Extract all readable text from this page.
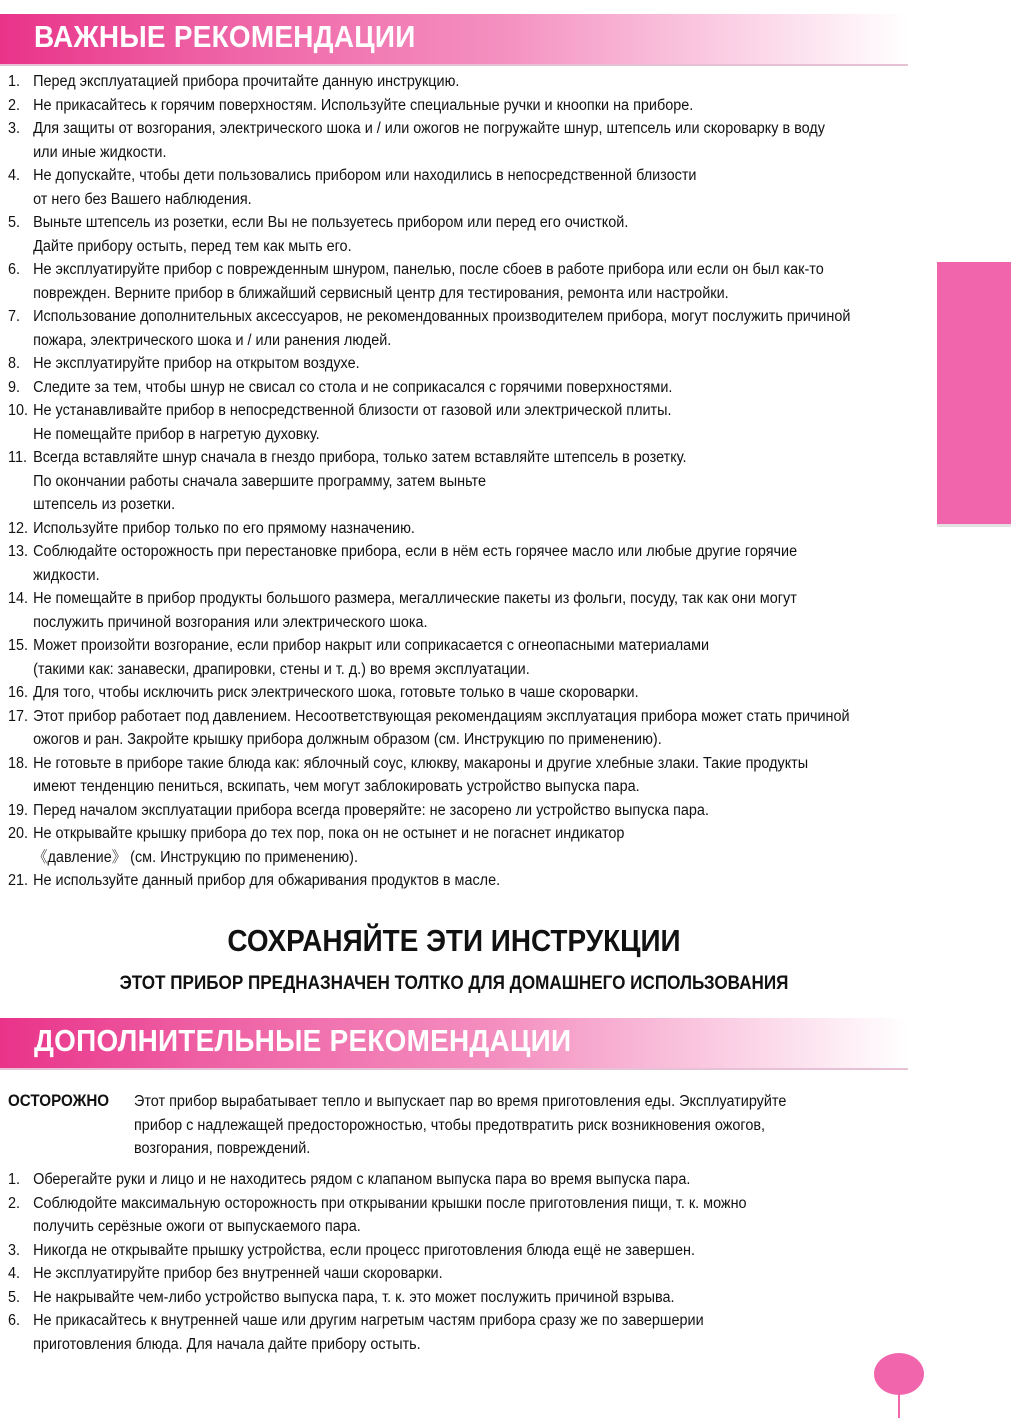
ВАЖНЫЕ РЕКОМЕНДАЦИИ
1. Перед эксплуатацией прибора прочитайте данную инструкцию.
2. Не прикасайтесь к горячим поверхностям. Используйте специальные ручки и кноопки на приборе.
3. Для защиты от возгорания, электрического шока и / или ожогов не погружайте шнур, штепсель или скороварку в воду
или иные жидкости.
4. Не допускайте, чтобы дети пользовались прибором или находились в непосредственной близости
от него без Вашего наблюдения.
5. Выньте штепсель из розетки, если Вы не пользуетесь прибором или перед его очисткой.
Дайте прибору остыть, перед тем как мыть его.
6. Не эксплуатируйте прибор с поврежденным шнуром, панелью, после сбоев в работе прибора или если он был как-то
поврежден. Верните прибор в ближайший сервисный центр для тестирования, ремонта или настройки.
7. Использование дополнительных аксессуаров, не рекомендованных производителем прибора, могут послужить причиной
пожара, электрического шока и / или ранения людей.
8. Не эксплуатируйте прибор на открытом воздухе.
9. Следите за тем, чтобы шнур не свисал со стола и не соприкасался с горячими поверхностями.
10. Не устанавливайте прибор в непосредственной близости от газовой или электрической плиты.
Не помещайте прибор в нагретую духовку.
11. Всегда вставляйте шнур сначала в гнездо прибора, только затем вставляйте штепсель в розетку.
По окончании работы сначала завершите программу, затем выньте
штепсель из розетки.
12. Используйте прибор только по его прямому назначению.
13. Соблюдайте осторожность при перестановке прибора, если в нём есть горячее масло или любые другие горячие
жидкости.
14. Не помещайте в прибор продукты большого размера, мегаллические пакеты из фольги, посуду, так как они могут
послужить причиной возгорания или электрического шока.
15. Может произойти возгорание, если прибор накрыт или соприкасается с огнеопасными материалами
(такими как: занавески, драпировки, стены и т. д.) во время эксплуатации.
16. Для того, чтобы исключить риск электрического шока, готовьте только в чаше скороварки.
17. Этот прибор работает под давлением. Несоответствующая рекомендациям эксплуатация прибора может стать причиной
ожогов и ран. Закройте крышку прибора должным образом (см. Инструкцию по применению).
18. Не готовьте в приборе такие блюда как: яблочный соус, клюкву, макароны и другие хлебные злаки. Такие продукты
имеют тенденцию пениться, вскипать, чем могут заблокировать устройство выпуска пара.
19. Перед началом эксплуатации прибора всегда проверяйте: не засорено ли устройство выпуска пара.
20. Не открывайте крышку прибора до тех пор, пока он не остынет и не погаснет индикатор
《давление》 (см. Инструкцию по применению).
21. Не используйте данный прибор для обжаривания продуктов в масле.
СОХРАНЯЙТЕ ЭТИ ИНСТРУКЦИИ
ЭТОТ ПРИБОР ПРЕДНАЗНАЧЕН ТОЛТКО ДЛЯ ДОМАШНЕГО ИСПОЛЬЗОВАНИЯ
ДОПОЛНИТЕЛЬНЫЕ РЕКОМЕНДАЦИИ
ОСТОРОЖНО Этот прибор вырабатывает тепло и выпускает пар во время приготовления еды. Эксплуатируйте
прибор с надлежащей предосторожностью, чтобы предотвратить риск возникновения ожогов,
возгорания, повреждений.
1. Оберегайте руки и лицо и не находитесь рядом с клапаном выпуска пара во время выпуска пара.
2. Соблюдойте максимальную осторожность при открывании крышки после приготовления пищи, т. к. можно
получить серёзные ожоги от выпускаемого пара.
3. Никогда не открывайте прышку устройства, если процесс приготовления блюда ещё не завершен.
4. Не эксплуатируйте прибор без внутренней чаши скороварки.
5. Не накрывайте чем-либо устройство выпуска пара, т. к. это может послужить причиной взрыва.
6. Не прикасайтесь к внутренней чаше или другим нагретым частям прибора сразу же по завершерии
приготовления блюда. Для начала дайте прибору остыть.
